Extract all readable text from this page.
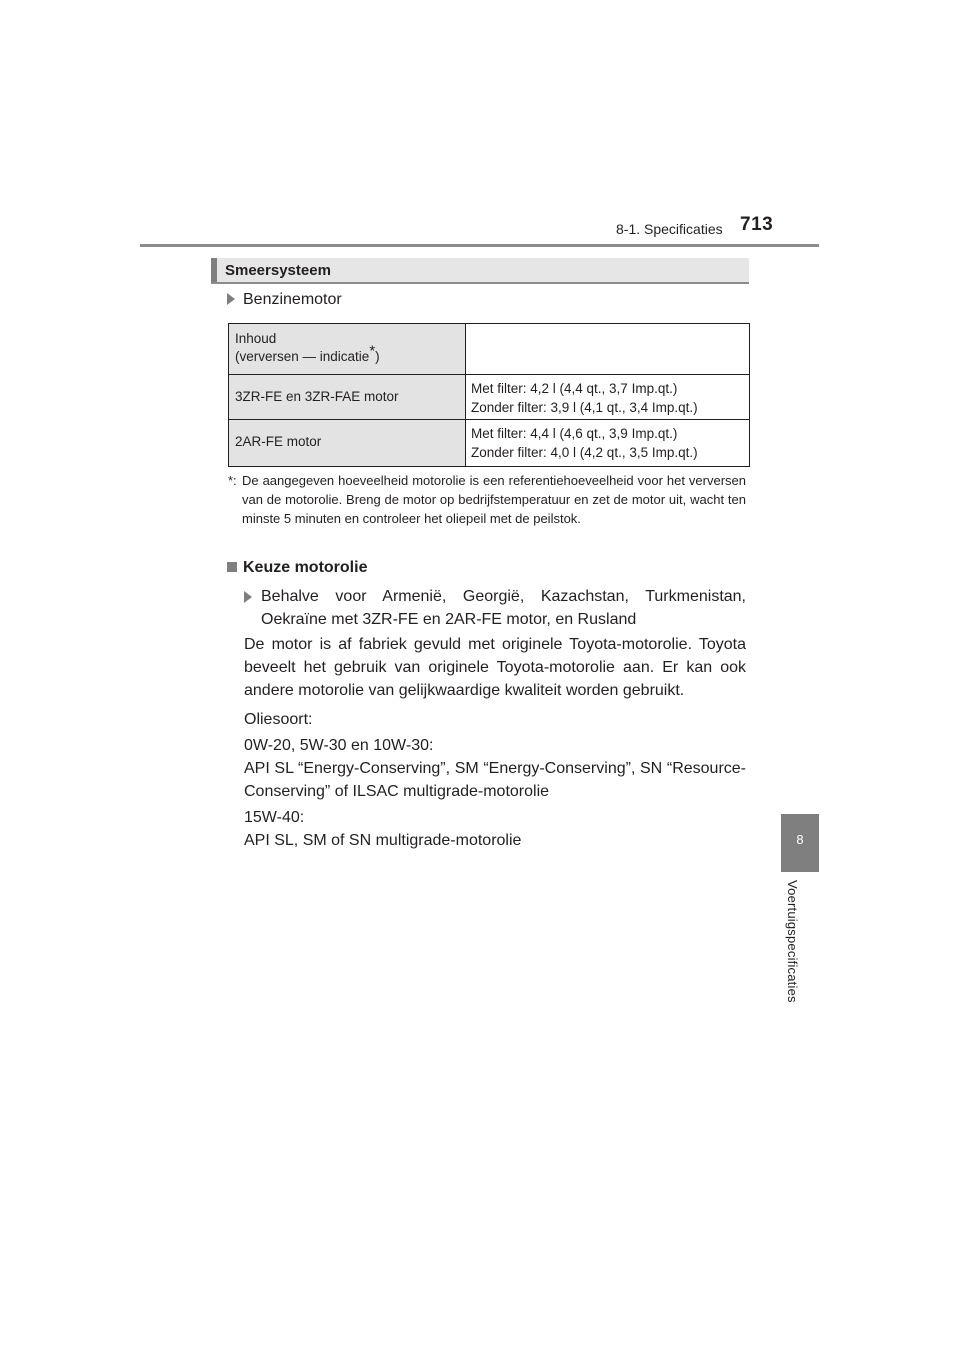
8-1. Specificaties 713
8
Voertuigspecificaties
Smeersysteem
Benzinemotor
Inhoud
(verversen — indicatie*)	

3ZR-FE en 3ZR-FAE motor	Met filter: 4,2 l (4,4 qt., 3,7 Imp.qt.)
Zonder filter: 3,9 l (4,1 qt., 3,4 Imp.qt.)

2AR-FE motor	Met filter: 4,4 l (4,6 qt., 3,9 Imp.qt.)
Zonder filter: 4,0 l (4,2 qt., 3,5 Imp.qt.)
*: De aangegeven hoeveelheid motorolie is een referentiehoeveelheid voor het verversen van de motorolie. Breng de motor op bedrijfstemperatuur en zet de motor uit, wacht ten minste 5 minuten en controleer het oliepeil met de peilstok.
Keuze motorolie
Behalve voor Armenië, Georgië, Kazachstan, Turkmenistan, Oekraïne met 3ZR-FE en 2AR-FE motor, en Rusland
De motor is af fabriek gevuld met originele Toyota-motorolie. Toyota beveelt het gebruik van originele Toyota-motorolie aan. Er kan ook andere motorolie van gelijkwaardige kwaliteit worden gebruikt.
Oliesoort:
0W-20, 5W-30 en 10W-30:
API SL “Energy-Conserving”, SM “Energy-Conserving”, SN “Resource-Conserving” of ILSAC multigrade-motorolie
15W-40:
API SL, SM of SN multigrade-motorolie
